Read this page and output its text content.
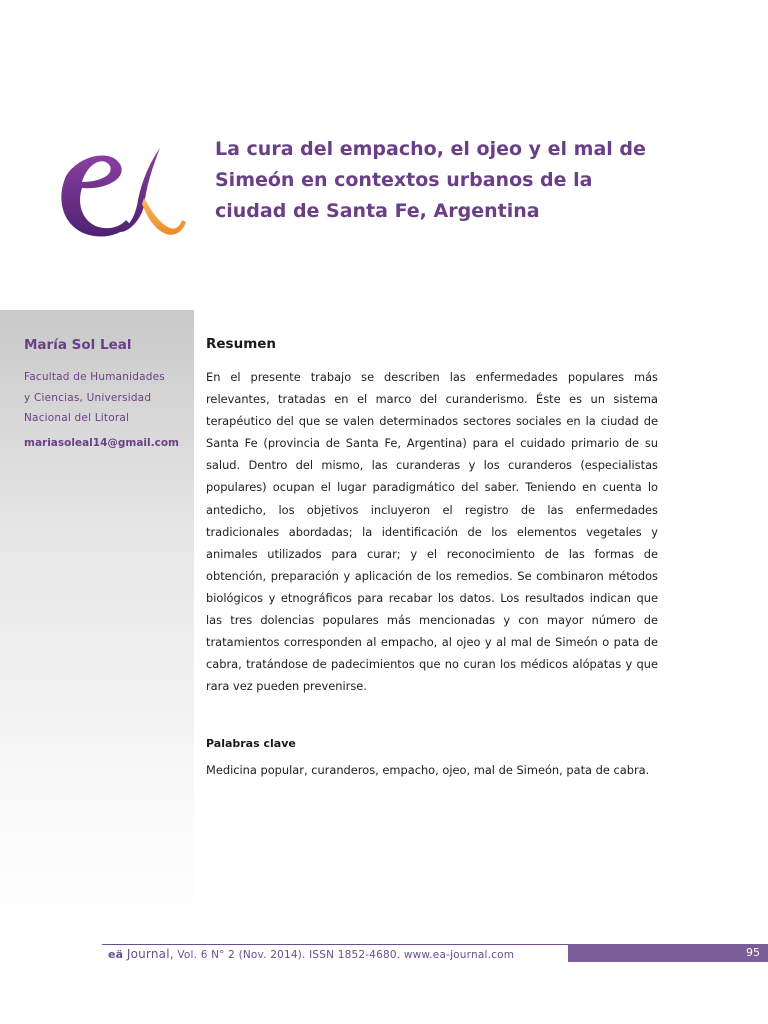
La cura del empacho, el ojeo y el mal de Simeón en contextos urbanos de la ciudad de Santa Fe, Argentina
María Sol Leal
Facultad de Humanidades
y Ciencias, Universidad
Nacional del Litoral
mariasoleal14@gmail.com
Resumen

En el presente trabajo se describen las enfermedades populares más relevantes, tratadas en el marco del curanderismo. Éste es un sistema terapéutico del que se valen determinados sectores sociales en la ciudad de Santa Fe (provincia de Santa Fe, Argentina) para el cuidado primario de su salud. Dentro del mismo, las curanderas y los curanderos (especialistas populares) ocupan el lugar paradigmático del saber. Teniendo en cuenta lo antedicho, los objetivos incluyeron el registro de las enfermedades tradicionales abordadas; la identificación de los elementos vegetales y animales utilizados para curar; y el reconocimiento de las formas de obtención, preparación y aplicación de los remedios. Se combinaron métodos biológicos y etnográficos para recabar los datos. Los resultados indican que las tres dolencias populares más mencionadas y con mayor número de tratamientos corresponden al empacho, al ojeo y al mal de Simeón o pata de cabra, tratándose de padecimientos que no curan los médicos alópatas y que rara vez pueden prevenirse.

Palabras clave
Medicina popular, curanderos, empacho, ojeo, mal de Simeón, pata de cabra.
eä Journal, Vol. 6 N° 2 (Nov. 2014). ISSN 1852-4680. www.ea-journal.com	95
